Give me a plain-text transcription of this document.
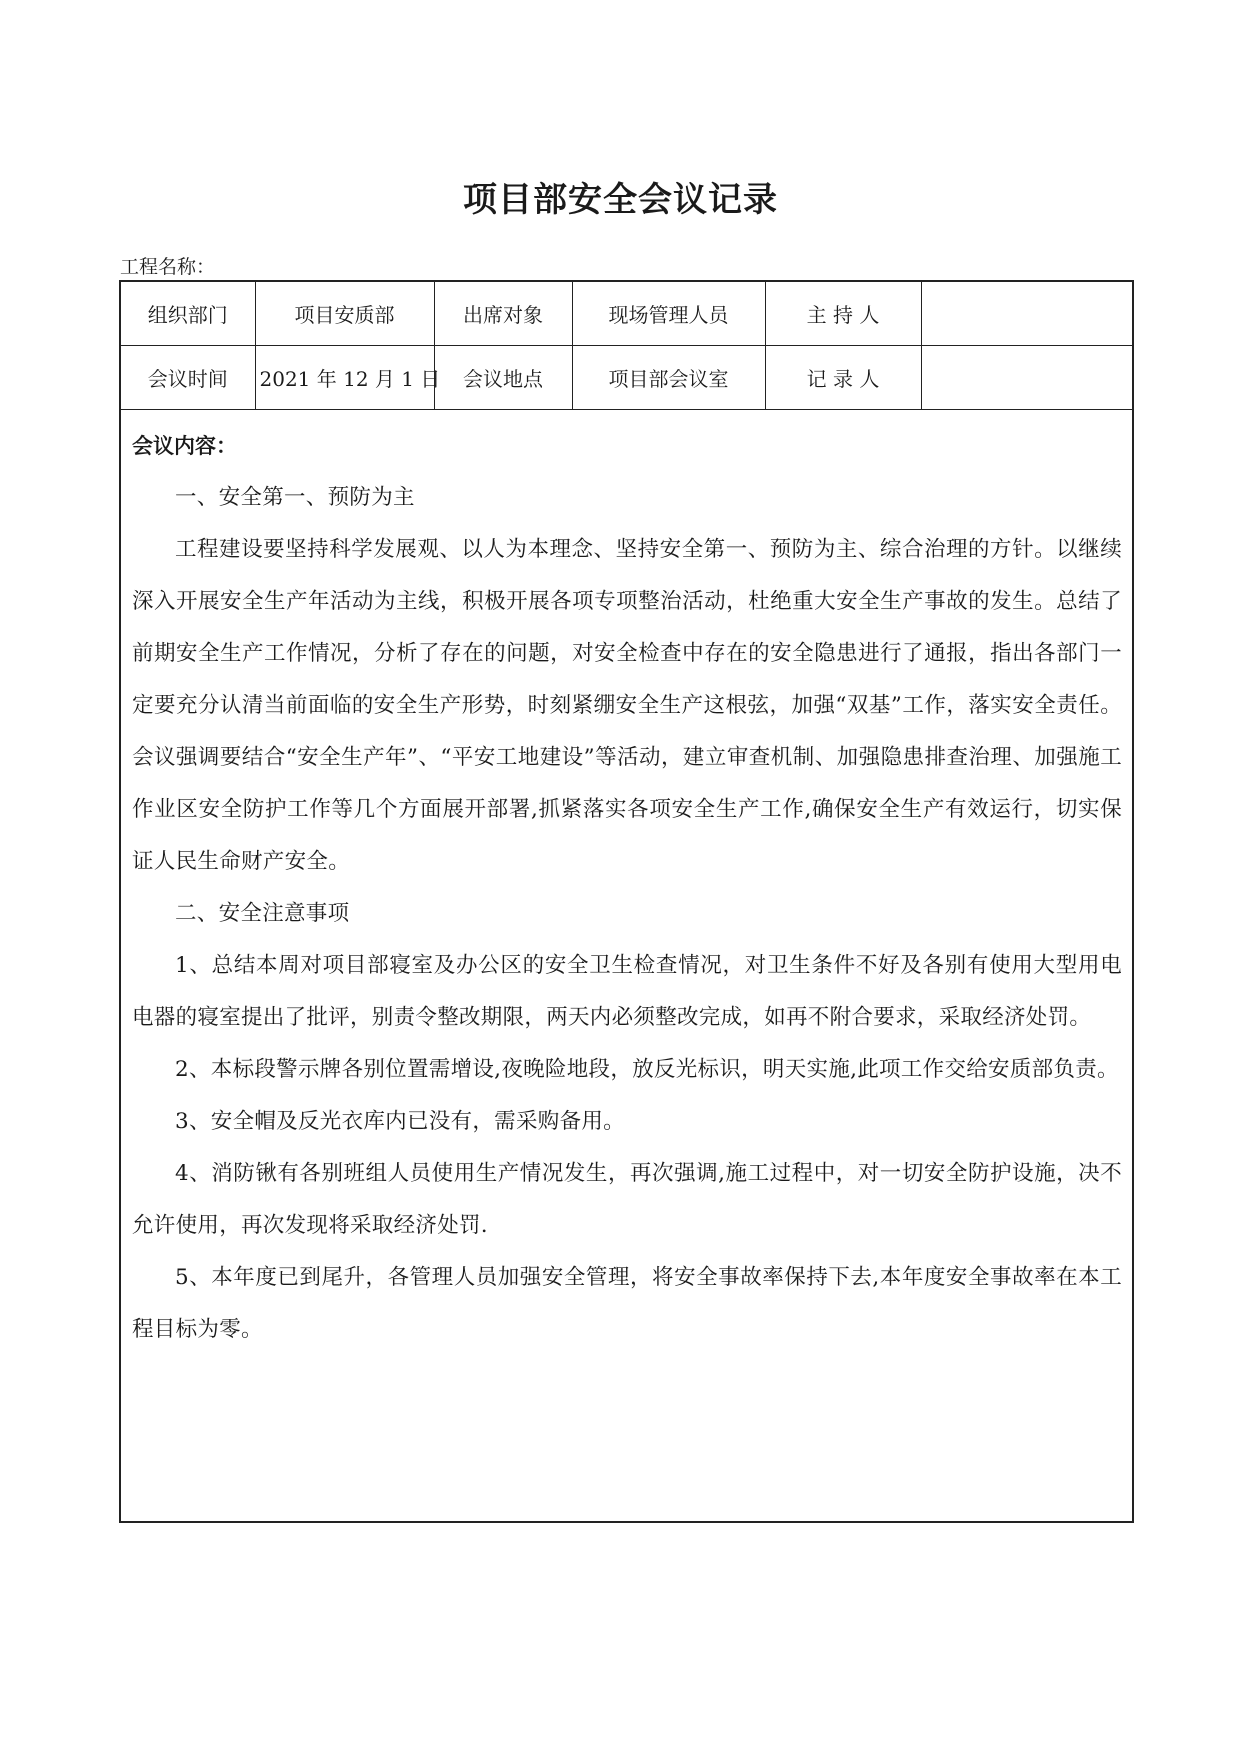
项目部安全会议记录
工程名称：
组织部门	项目安质部	出席对象	现场管理人员	主 持 人	
会议时间	2021 年 12 月 1 日	会议地点	项目部会议室	记 录 人	
会议内容：

一、安全第一、预防为主

工程建设要坚持科学发展观、以人为本理念、坚持安全第一、预防为主、综合治理的方针。以继续深入开展安全生产年活动为主线，积极开展各项专项整治活动，杜绝重大安全生产事故的发生。总结了前期安全生产工作情况，分析了存在的问题，对安全检查中存在的安全隐患进行了通报，指出各部门一定要充分认清当前面临的安全生产形势，时刻紧绷安全生产这根弦，加强“双基”工作，落实安全责任。会议强调要结合“安全生产年”、“平安工地建设”等活动，建立审查机制、加强隐患排查治理、加强施工作业区安全防护工作等几个方面展开部署,抓紧落实各项安全生产工作,确保安全生产有效运行，切实保证人民生命财产安全。

二、安全注意事项

1、总结本周对项目部寝室及办公区的安全卫生检查情况，对卫生条件不好及各别有使用大型用电电器的寝室提出了批评，别责令整改期限，两天内必须整改完成，如再不附合要求，采取经济处罚。

2、本标段警示牌各别位置需增设,夜晚险地段，放反光标识，明天实施,此项工作交给安质部负责。

3、安全帽及反光衣库内已没有，需采购备用。

4、消防锹有各别班组人员使用生产情况发生，再次强调,施工过程中，对一切安全防护设施，决不允许使用，再次发现将采取经济处罚.

5、本年度已到尾升，各管理人员加强安全管理，将安全事故率保持下去,本年度安全事故率在本工程目标为零。
